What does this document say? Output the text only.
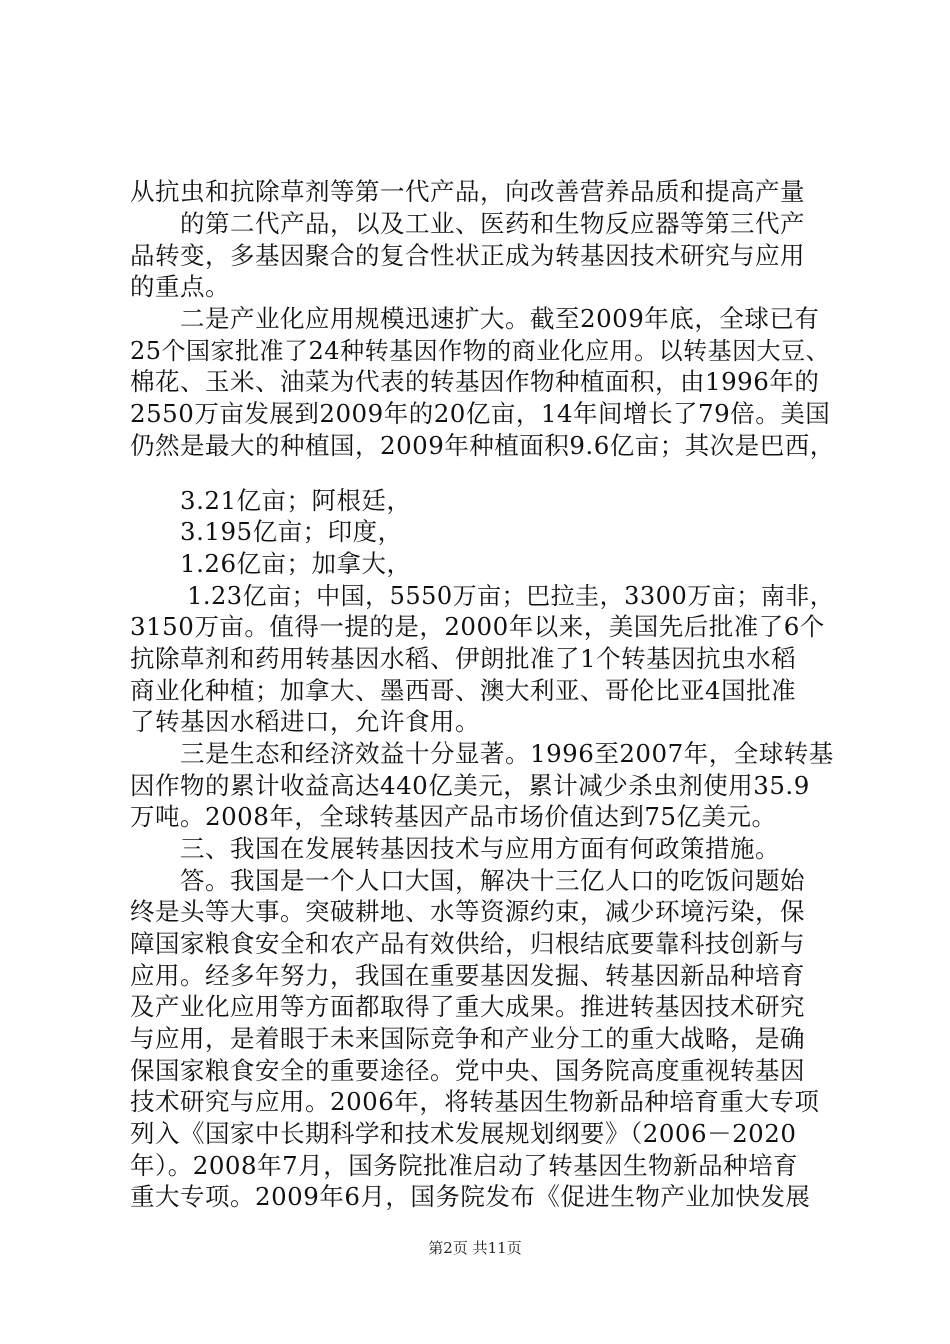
从抗虫和抗除草剂等第一代产品，向改善营养品质和提高产量
　　的第二代产品，以及工业、医药和生物反应器等第三代产
品转变，多基因聚合的复合性状正成为转基因技术研究与应用
的重点。
　　二是产业化应用规模迅速扩大。截至2009年底，全球已有
25个国家批准了24种转基因作物的商业化应用。以转基因大豆、
棉花、玉米、油菜为代表的转基因作物种植面积，由1996年的
2550万亩发展到2009年的20亿亩，14年间增长了79倍。美国
仍然是最大的种植国，2009年种植面积9.6亿亩；其次是巴西，
　　3.21亿亩；阿根廷，
　　3.195亿亩；印度，
　　1.26亿亩；加拿大，
　　 1.23亿亩；中国，5550万亩；巴拉圭，3300万亩；南非，
3150万亩。值得一提的是，2000年以来，美国先后批准了6个
抗除草剂和药用转基因水稻、伊朗批准了1个转基因抗虫水稻
商业化种植；加拿大、墨西哥、澳大利亚、哥伦比亚4国批准
了转基因水稻进口，允许食用。
　　三是生态和经济效益十分显著。1996至2007年，全球转基
因作物的累计收益高达440亿美元，累计减少杀虫剂使用35.9
万吨。2008年，全球转基因产品市场价值达到75亿美元。
　　三、我国在发展转基因技术与应用方面有何政策措施。
　　答。我国是一个人口大国，解决十三亿人口的吃饭问题始
终是头等大事。突破耕地、水等资源约束，减少环境污染，保
障国家粮食安全和农产品有效供给，归根结底要靠科技创新与
应用。经多年努力，我国在重要基因发掘、转基因新品种培育
及产业化应用等方面都取得了重大成果。推进转基因技术研究
与应用，是着眼于未来国际竞争和产业分工的重大战略，是确
保国家粮食安全的重要途径。党中央、国务院高度重视转基因
技术研究与应用。2006年，将转基因生物新品种培育重大专项
列入《国家中长期科学和技术发展规划纲要》（2006－2020
年）。2008年7月，国务院批准启动了转基因生物新品种培育
重大专项。2009年6月，国务院发布《促进生物产业加快发展
第2页 共11页
